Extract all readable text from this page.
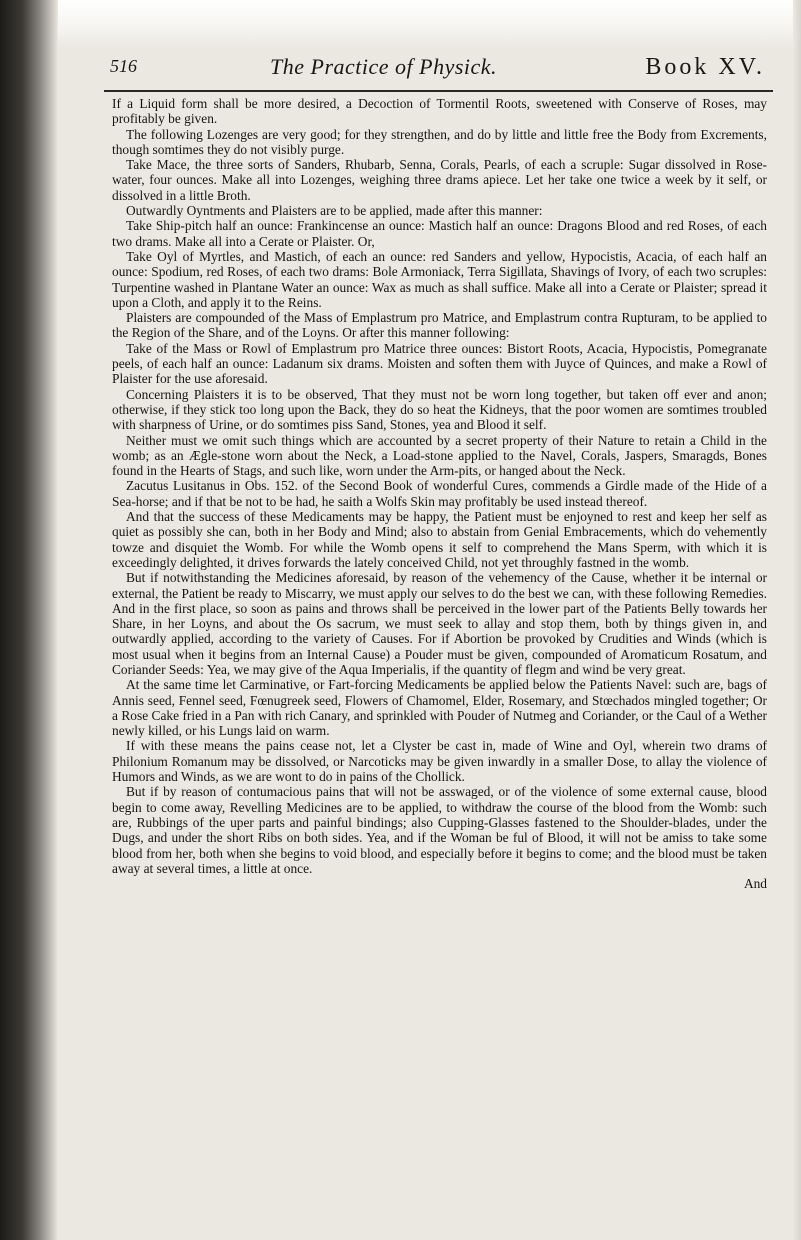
516	The Practice of Physick.	Book XV.

If a Liquid form shall be more desired, a Decoction of Tormentil Roots, sweetened with Conserve of Roses, may profitably be given.

The following Lozenges are very good; for they strengthen, and do by little and little free the Body from Excrements, though somtimes they do not visibly purge.

Take Mace, the three sorts of Sanders, Rhubarb, Senna, Corals, Pearls, of each a scruple: Sugar dissolved in Rose-water, four ounces. Make all into Lozenges, weighing three drams apiece. Let her take one twice a week by it self, or dissolved in a little Broth.

Outwardly Oyntments and Plaisters are to be applied, made after this manner:

Take Ship-pitch half an ounce: Frankincense an ounce: Mastich half an ounce: Dragons Blood and red Roses, of each two drams. Make all into a Cerate or Plaister. Or,

Take Oyl of Myrtles, and Mastich, of each an ounce: red Sanders and yellow, Hypocistis, Acacia, of each half an ounce: Spodium, red Roses, of each two drams: Bole Armoniack, Terra Sigillata, Shavings of Ivory, of each two scruples: Turpentine washed in Plantane Water an ounce: Wax as much as shall suffice. Make all into a Cerate or Plaister; spread it upon a Cloth, and apply it to the Reins.

Plaisters are compounded of the Mass of Emplastrum pro Matrice, and Emplastrum contra Rupturam, to be applied to the Region of the Share, and of the Loyns. Or after this manner following:

Take of the Mass or Rowl of Emplastrum pro Matrice three ounces: Bistort Roots, Acacia, Hypocistis, Pomegranate peels, of each half an ounce: Ladanum six drams. Moisten and soften them with Juyce of Quinces, and make a Rowl of Plaister for the use aforesaid.

Concerning Plaisters it is to be observed, That they must not be worn long together, but taken off ever and anon; otherwise, if they stick too long upon the Back, they do so heat the Kidneys, that the poor women are somtimes troubled with sharpness of Urine, or do somtimes piss Sand, Stones, yea and Blood it self.

Neither must we omit such things which are accounted by a secret property of their Nature to retain a Child in the womb; as an Ægle-stone worn about the Neck, a Load-stone applied to the Navel, Corals, Jaspers, Smaragds, Bones found in the Hearts of Stags, and such like, worn under the Arm-pits, or hanged about the Neck.

Zacutus Lusitanus in Obs. 152. of the Second Book of wonderful Cures, commends a Girdle made of the Hide of a Sea-horse; and if that be not to be had, he saith a Wolfs Skin may profitably be used instead thereof.

And that the success of these Medicaments may be happy, the Patient must be enjoyned to rest and keep her self as quiet as possibly she can, both in her Body and Mind; also to abstain from Genial Embracements, which do vehemently towze and disquiet the Womb. For while the Womb opens it self to comprehend the Mans Sperm, with which it is exceedingly delighted, it drives forwards the lately conceived Child, not yet throughly fastned in the womb.

But if notwithstanding the Medicines aforesaid, by reason of the vehemency of the Cause, whether it be internal or external, the Patient be ready to Miscarry, we must apply our selves to do the best we can, with these following Remedies. And in the first place, so soon as pains and throws shall be perceived in the lower part of the Patients Belly towards her Share, in her Loyns, and about the Os sacrum, we must seek to allay and stop them, both by things given in, and outwardly applied, according to the variety of Causes. For if Abortion be provoked by Crudities and Winds (which is most usual when it begins from an Internal Cause) a Pouder must be given, compounded of Aromaticum Rosatum, and Coriander Seeds: Yea, we may give of the Aqua Imperialis, if the quantity of flegm and wind be very great.

At the same time let Carminative, or Fart-forcing Medicaments be applied below the Patients Navel: such are, bags of Annis seed, Fennel seed, Fœnugreek seed, Flowers of Chamomel, Elder, Rosemary, and Stœchados mingled together; Or a Rose Cake fried in a Pan with rich Canary, and sprinkled with Pouder of Nutmeg and Coriander, or the Caul of a Wether newly killed, or his Lungs laid on warm.

If with these means the pains cease not, let a Clyster be cast in, made of Wine and Oyl, wherein two drams of Philonium Romanum may be dissolved, or Narcoticks may be given inwardly in a smaller Dose, to allay the violence of Humors and Winds, as we are wont to do in pains of the Chollick.

But if by reason of contumacious pains that will not be asswaged, or of the violence of some external cause, blood begin to come away, Revelling Medicines are to be applied, to withdraw the course of the blood from the Womb: such are, Rubbings of the uper parts and painful bindings; also Cupping-Glasses fastened to the Shoulder-blades, under the Dugs, and under the short Ribs on both sides. Yea, and if the Woman be ful of Blood, it will not be amiss to take some blood from her, both when she begins to void blood, and especially before it begins to come; and the blood must be taken away at several times, a little at once.

And
